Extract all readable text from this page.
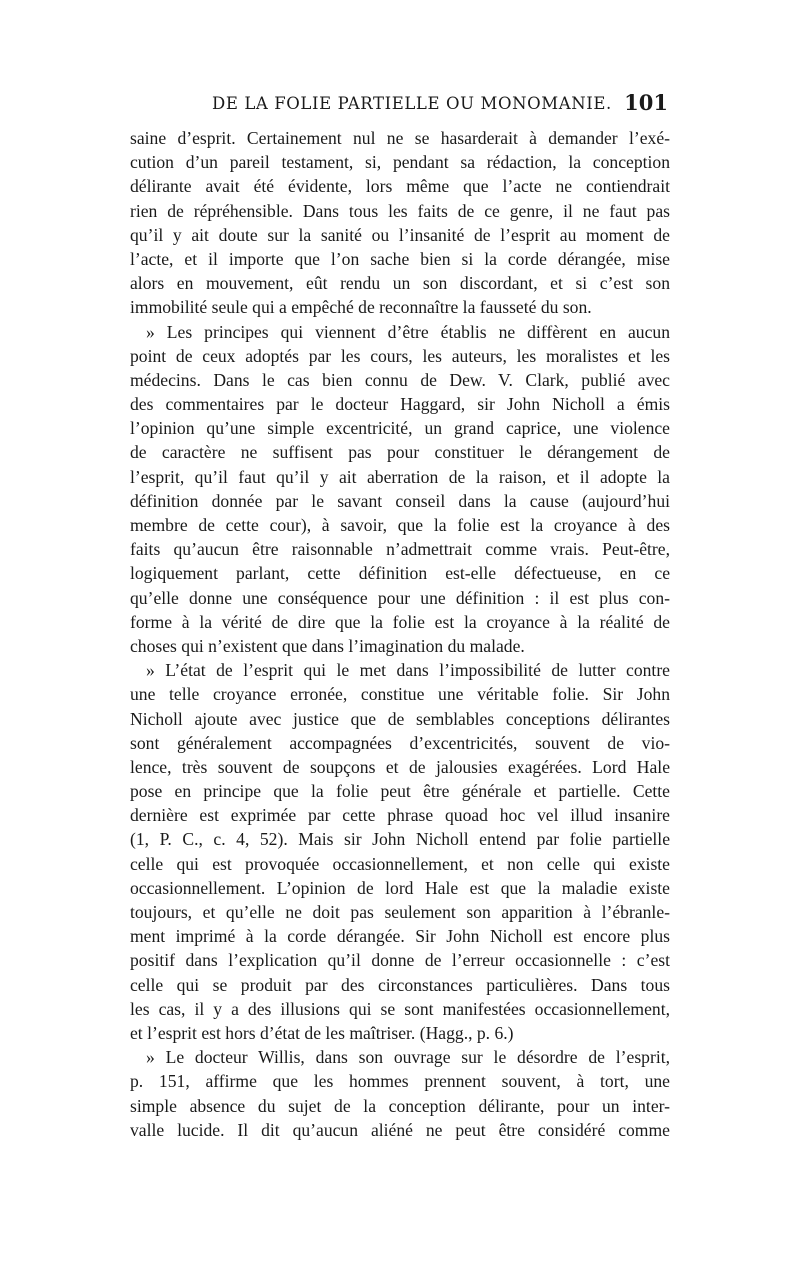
DE LA FOLIE PARTIELLE OU MONOMANIE. 101
saine d’esprit. Certainement nul ne se hasarderait à demander l’exé-
cution d’un pareil testament, si, pendant sa rédaction, la conception
délirante avait été évidente, lors même que l’acte ne contiendrait
rien de répréhensible. Dans tous les faits de ce genre, il ne faut pas
qu’il y ait doute sur la sanité ou l’insanité de l’esprit au moment de
l’acte, et il importe que l’on sache bien si la corde dérangée, mise
alors en mouvement, eût rendu un son discordant, et si c’est son
immobilité seule qui a empêché de reconnaître la fausseté du son.
» Les principes qui viennent d’être établis ne diffèrent en aucun
point de ceux adoptés par les cours, les auteurs, les moralistes et les
médecins. Dans le cas bien connu de Dew. V. Clark, publié avec
des commentaires par le docteur Haggard, sir John Nicholl a émis
l’opinion qu’une simple excentricité, un grand caprice, une violence
de caractère ne suffisent pas pour constituer le dérangement de
l’esprit, qu’il faut qu’il y ait aberration de la raison, et il adopte la
définition donnée par le savant conseil dans la cause (aujourd’hui
membre de cette cour), à savoir, que la folie est la croyance à des
faits qu’aucun être raisonnable n’admettrait comme vrais. Peut-être,
logiquement parlant, cette définition est-elle défectueuse, en ce
qu’elle donne une conséquence pour une définition : il est plus con-
forme à la vérité de dire que la folie est la croyance à la réalité de
choses qui n’existent que dans l’imagination du malade.
» L’état de l’esprit qui le met dans l’impossibilité de lutter contre
une telle croyance erronée, constitue une véritable folie. Sir John
Nicholl ajoute avec justice que de semblables conceptions délirantes
sont généralement accompagnées d’excentricités, souvent de vio-
lence, très souvent de soupçons et de jalousies exagérées. Lord Hale
pose en principe que la folie peut être générale et partielle. Cette
dernière est exprimée par cette phrase quoad hoc vel illud insanire
(1, P. C., c. 4, 52). Mais sir John Nicholl entend par folie partielle
celle qui est provoquée occasionnellement, et non celle qui existe
occasionnellement. L’opinion de lord Hale est que la maladie existe
toujours, et qu’elle ne doit pas seulement son apparition à l’ébranle-
ment imprimé à la corde dérangée. Sir John Nicholl est encore plus
positif dans l’explication qu’il donne de l’erreur occasionnelle : c’est
celle qui se produit par des circonstances particulières. Dans tous
les cas, il y a des illusions qui se sont manifestées occasionnellement,
et l’esprit est hors d’état de les maîtriser. (Hagg., p. 6.)
» Le docteur Willis, dans son ouvrage sur le désordre de l’esprit,
p. 151, affirme que les hommes prennent souvent, à tort, une
simple absence du sujet de la conception délirante, pour un inter-
valle lucide. Il dit qu’aucun aliéné ne peut être considéré comme
